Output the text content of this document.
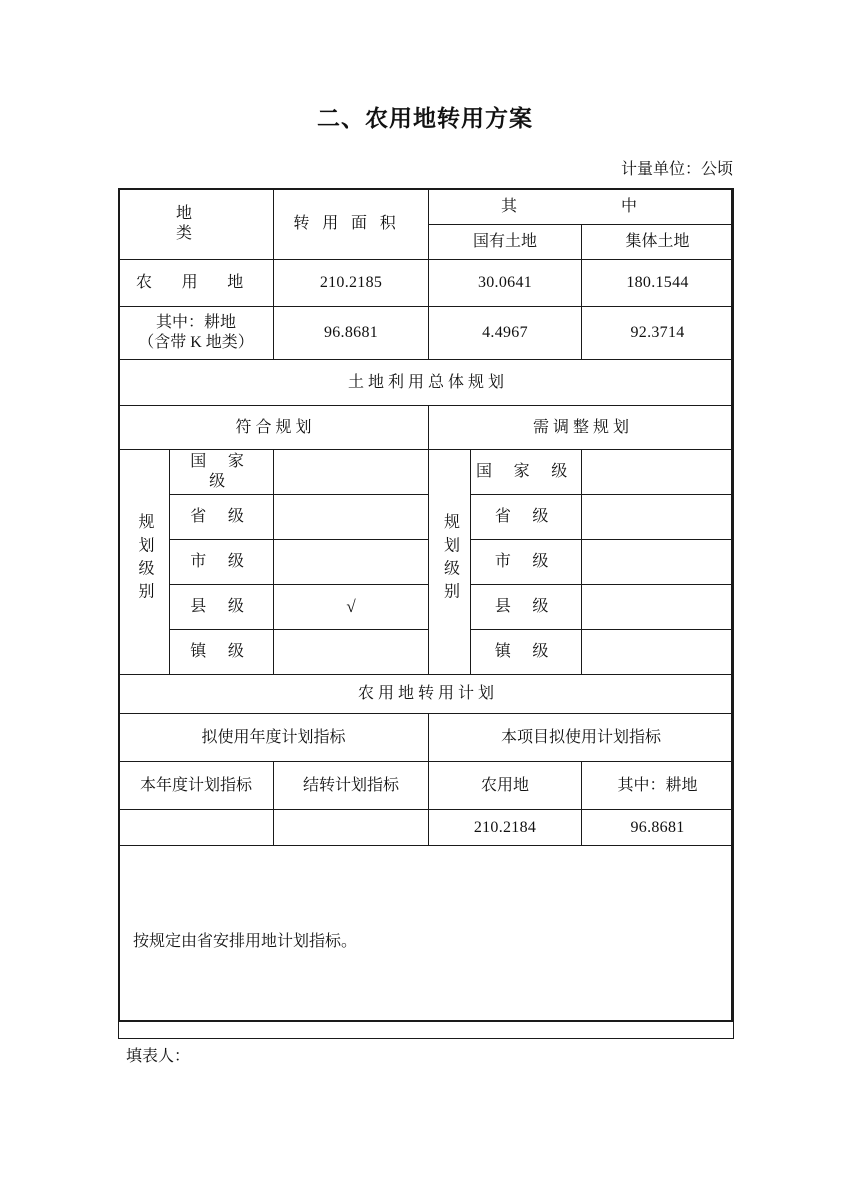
二、农用地转用方案
计量单位：公顷
地　　类		转用面积	其　　中		
			国有土地		集体土地
农 用 地		210.2185	30.0641		180.1544

其中：耕地
（含带 K 地类）		96.8681	4.4967		92.3714
土 地 利 用 总 体 规 划					
符 合 规 划			需 调 整 规 划		
规划级别	国 家 级		规划级别	国 家 级	
	省 级			省 级	
	市 级			市 级	
	县 级	√		县 级	
	镇 级			镇 级	
农 用 地 转 用 计 划					
拟使用年度计划指标			本项目拟使用计划指标		
本年度计划指标		结转计划指标	农用地		其中：耕地
			210.2184		96.8681
按规定由省安排用地计划指标。					
填表人：
